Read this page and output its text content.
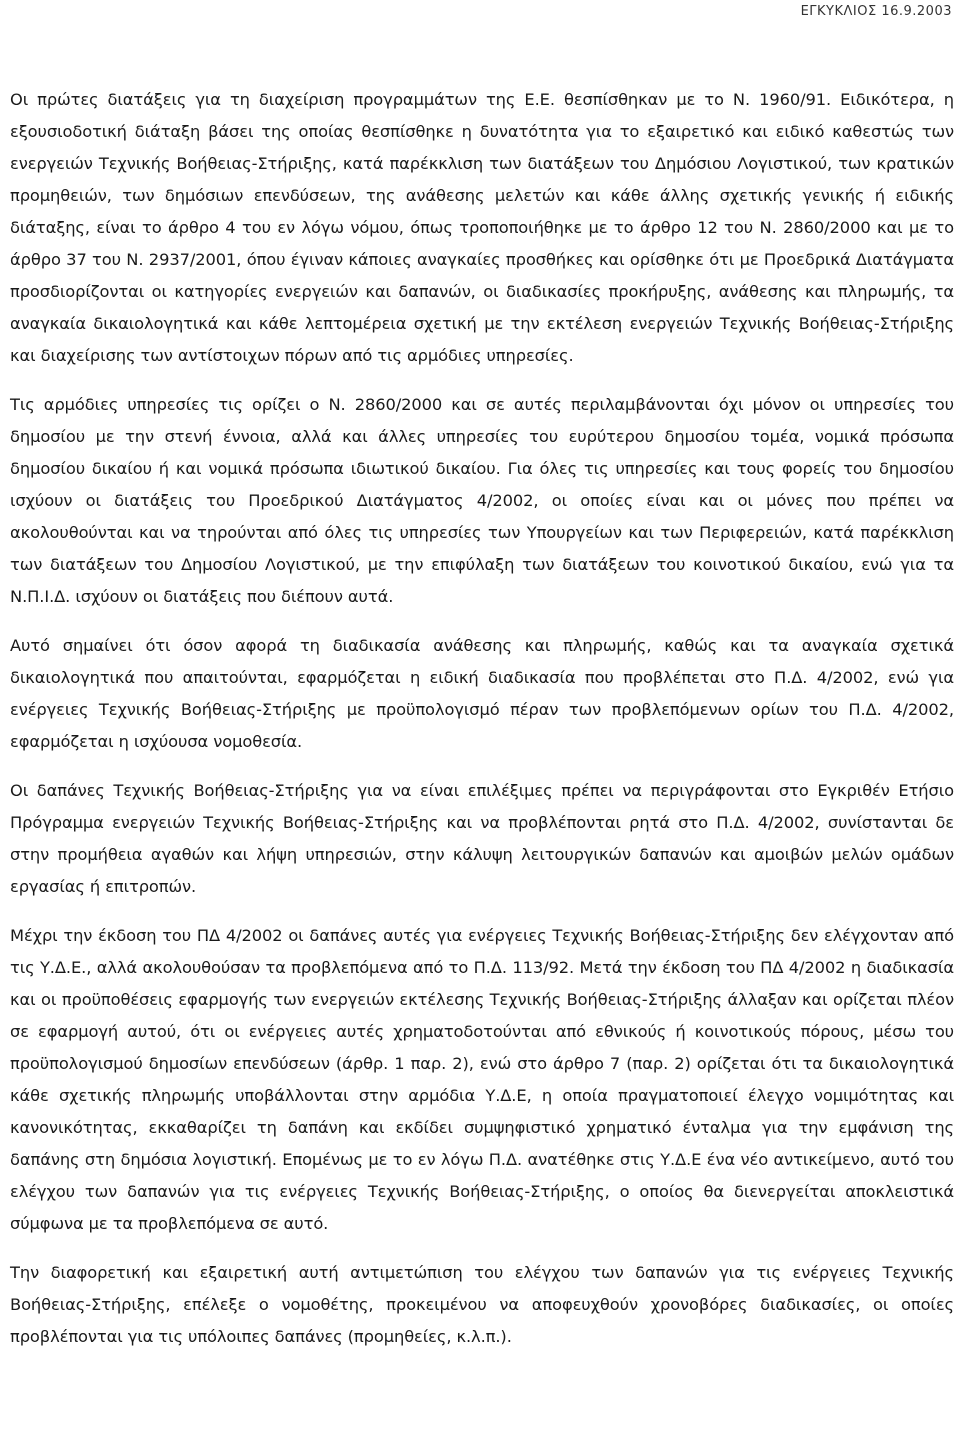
ΕΓΚΥΚΛΙΟΣ 16.9.2003

Οι πρώτες διατάξεις για τη διαχείριση προγραμμάτων της Ε.Ε. θεσπίσθηκαν με το Ν. 1960/91. Ειδικότερα, η εξουσιοδοτική διάταξη βάσει της οποίας θεσπίσθηκε η δυνατότητα για το εξαιρετικό και ειδικό καθεστώς των ενεργειών Τεχνικής Βοήθειας-Στήριξης, κατά παρέκκλιση των διατάξεων του Δημόσιου Λογιστικού, των κρατικών προμηθειών, των δημόσιων επενδύσεων, της ανάθεσης μελετών και κάθε άλλης σχετικής γενικής ή ειδικής διάταξης, είναι το άρθρο 4 του εν λόγω νόμου, όπως τροποποιήθηκε με το άρθρο 12 του Ν. 2860/2000 και με το άρθρο 37 του Ν. 2937/2001, όπου έγιναν κάποιες αναγκαίες προσθήκες και ορίσθηκε ότι με Προεδρικά Διατάγματα προσδιορίζονται οι κατηγορίες ενεργειών και δαπανών, οι διαδικασίες προκήρυξης, ανάθεσης και πληρωμής, τα αναγκαία δικαιολογητικά και κάθε λεπτομέρεια σχετική με την εκτέλεση ενεργειών Τεχνικής Βοήθειας-Στήριξης και διαχείρισης των αντίστοιχων πόρων από τις αρμόδιες υπηρεσίες.

Τις αρμόδιες υπηρεσίες τις ορίζει ο Ν. 2860/2000 και σε αυτές περιλαμβάνονται όχι μόνον οι υπηρεσίες του δημοσίου με την στενή έννοια, αλλά και άλλες υπηρεσίες του ευρύτερου δημοσίου τομέα, νομικά πρόσωπα δημοσίου δικαίου ή και νομικά πρόσωπα ιδιωτικού δικαίου. Για όλες τις υπηρεσίες και τους φορείς του δημοσίου ισχύουν οι διατάξεις του Προεδρικού Διατάγματος 4/2002, οι οποίες είναι και οι μόνες που πρέπει να ακολουθούνται και να τηρούνται από όλες τις υπηρεσίες των Υπουργείων και των Περιφερειών, κατά παρέκκλιση των διατάξεων του Δημοσίου Λογιστικού, με την επιφύλαξη των διατάξεων του κοινοτικού δικαίου, ενώ για τα Ν.Π.Ι.Δ. ισχύουν οι διατάξεις που διέπουν αυτά.

Αυτό σημαίνει ότι όσον αφορά τη διαδικασία ανάθεσης και πληρωμής, καθώς και τα αναγκαία σχετικά δικαιολογητικά που απαιτούνται, εφαρμόζεται η ειδική διαδικασία που προβλέπεται στο Π.Δ. 4/2002, ενώ για ενέργειες Τεχνικής Βοήθειας-Στήριξης με προϋπολογισμό πέραν των προβλεπόμενων ορίων του Π.Δ. 4/2002, εφαρμόζεται η ισχύουσα νομοθεσία.

Οι δαπάνες Τεχνικής Βοήθειας-Στήριξης για να είναι επιλέξιμες πρέπει να περιγράφονται στο Εγκριθέν Ετήσιο Πρόγραμμα ενεργειών Τεχνικής Βοήθειας-Στήριξης και να προβλέπονται ρητά στο Π.Δ. 4/2002, συνίστανται δε στην προμήθεια αγαθών και λήψη υπηρεσιών, στην κάλυψη λειτουργικών δαπανών και αμοιβών μελών ομάδων εργασίας ή επιτροπών.

Μέχρι την έκδοση του ΠΔ 4/2002 οι δαπάνες αυτές για ενέργειες Τεχνικής Βοήθειας-Στήριξης δεν ελέγχονταν από τις Υ.Δ.Ε., αλλά ακολουθούσαν τα προβλεπόμενα από το Π.Δ. 113/92. Μετά την έκδοση του ΠΔ 4/2002 η διαδικασία και οι προϋποθέσεις εφαρμογής των ενεργειών εκτέλεσης Τεχνικής Βοήθειας-Στήριξης άλλαξαν και ορίζεται πλέον σε εφαρμογή αυτού, ότι οι ενέργειες αυτές χρηματοδοτούνται από εθνικούς ή κοινοτικούς πόρους, μέσω του προϋπολογισμού δημοσίων επενδύσεων (άρθρ. 1 παρ. 2), ενώ στο άρθρο 7 (παρ. 2) ορίζεται ότι τα δικαιολογητικά κάθε σχετικής πληρωμής υποβάλλονται στην αρμόδια Υ.Δ.Ε, η οποία πραγματοποιεί έλεγχο νομιμότητας και κανονικότητας, εκκαθαρίζει τη δαπάνη και εκδίδει συμψηφιστικό χρηματικό ένταλμα για την εμφάνιση της δαπάνης στη δημόσια λογιστική. Επομένως με το εν λόγω Π.Δ. ανατέθηκε στις Υ.Δ.Ε ένα νέο αντικείμενο, αυτό του ελέγχου των δαπανών για τις ενέργειες Τεχνικής Βοήθειας-Στήριξης, ο οποίος θα διενεργείται αποκλειστικά σύμφωνα με τα προβλεπόμενα σε αυτό.

Την διαφορετική και εξαιρετική αυτή αντιμετώπιση του ελέγχου των δαπανών για τις ενέργειες Τεχνικής Βοήθειας-Στήριξης, επέλεξε ο νομοθέτης, προκειμένου να αποφευχθούν χρονοβόρες διαδικασίες, οι οποίες προβλέπονται για τις υπόλοιπες δαπάνες (προμηθείες, κ.λ.π.).
